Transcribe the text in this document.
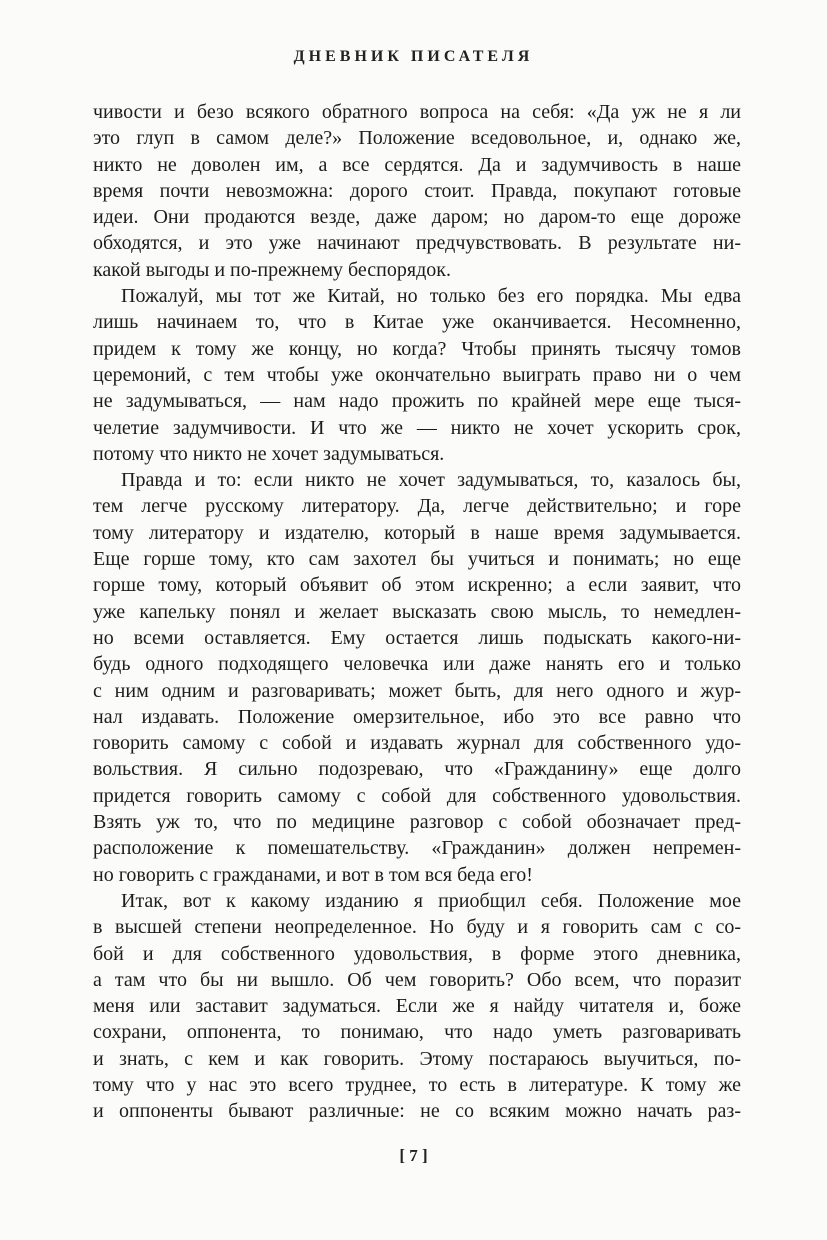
ДНЕВНИК ПИСАТЕЛЯ
чивости и безо всякого обратного вопроса на себя: «Да уж не я ли
это глуп в самом деле?» Положение вседовольное, и, однако же,
никто не доволен им, а все сердятся. Да и задумчивость в наше
время почти невозможна: дорого стоит. Правда, покупают готовые
идеи. Они продаются везде, даже даром; но даром-то еще дороже
обходятся, и это уже начинают предчувствовать. В результате ни-
какой выгоды и по-прежнему беспорядок.
Пожалуй, мы тот же Китай, но только без его порядка. Мы едва
лишь начинаем то, что в Китае уже оканчивается. Несомненно,
придем к тому же концу, но когда? Чтобы принять тысячу томов
церемоний, с тем чтобы уже окончательно выиграть право ни о чем
не задумываться, — нам надо прожить по крайней мере еще тыся-
челетие задумчивости. И что же — никто не хочет ускорить срок,
потому что никто не хочет задумываться.
Правда и то: если никто не хочет задумываться, то, казалось бы,
тем легче русскому литератору. Да, легче действительно; и горе
тому литератору и издателю, который в наше время задумывается.
Еще горше тому, кто сам захотел бы учиться и понимать; но еще
горше тому, который объявит об этом искренно; а если заявит, что
уже капельку понял и желает высказать свою мысль, то немедлен-
но всеми оставляется. Ему остается лишь подыскать какого-ни-
будь одного подходящего человечка или даже нанять его и только
с ним одним и разговаривать; может быть, для него одного и жур-
нал издавать. Положение омерзительное, ибо это все равно что
говорить самому с собой и издавать журнал для собственного удо-
вольствия. Я сильно подозреваю, что «Гражданину» еще долго
придется говорить самому с собой для собственного удовольствия.
Взять уж то, что по медицине разговор с собой обозначает пред-
расположение к помешательству. «Гражданин» должен непремен-
но говорить с гражданами, и вот в том вся беда его!
Итак, вот к какому изданию я приобщил себя. Положение мое
в высшей степени неопределенное. Но буду и я говорить сам с со-
бой и для собственного удовольствия, в форме этого дневника,
а там что бы ни вышло. Об чем говорить? Обо всем, что поразит
меня или заставит задуматься. Если же я найду читателя и, боже
сохрани, оппонента, то понимаю, что надо уметь разговаривать
и знать, с кем и как говорить. Этому постараюсь выучиться, по-
тому что у нас это всего труднее, то есть в литературе. К тому же
и оппоненты бывают различные: не со всяким можно начать раз-
[ 7 ]
